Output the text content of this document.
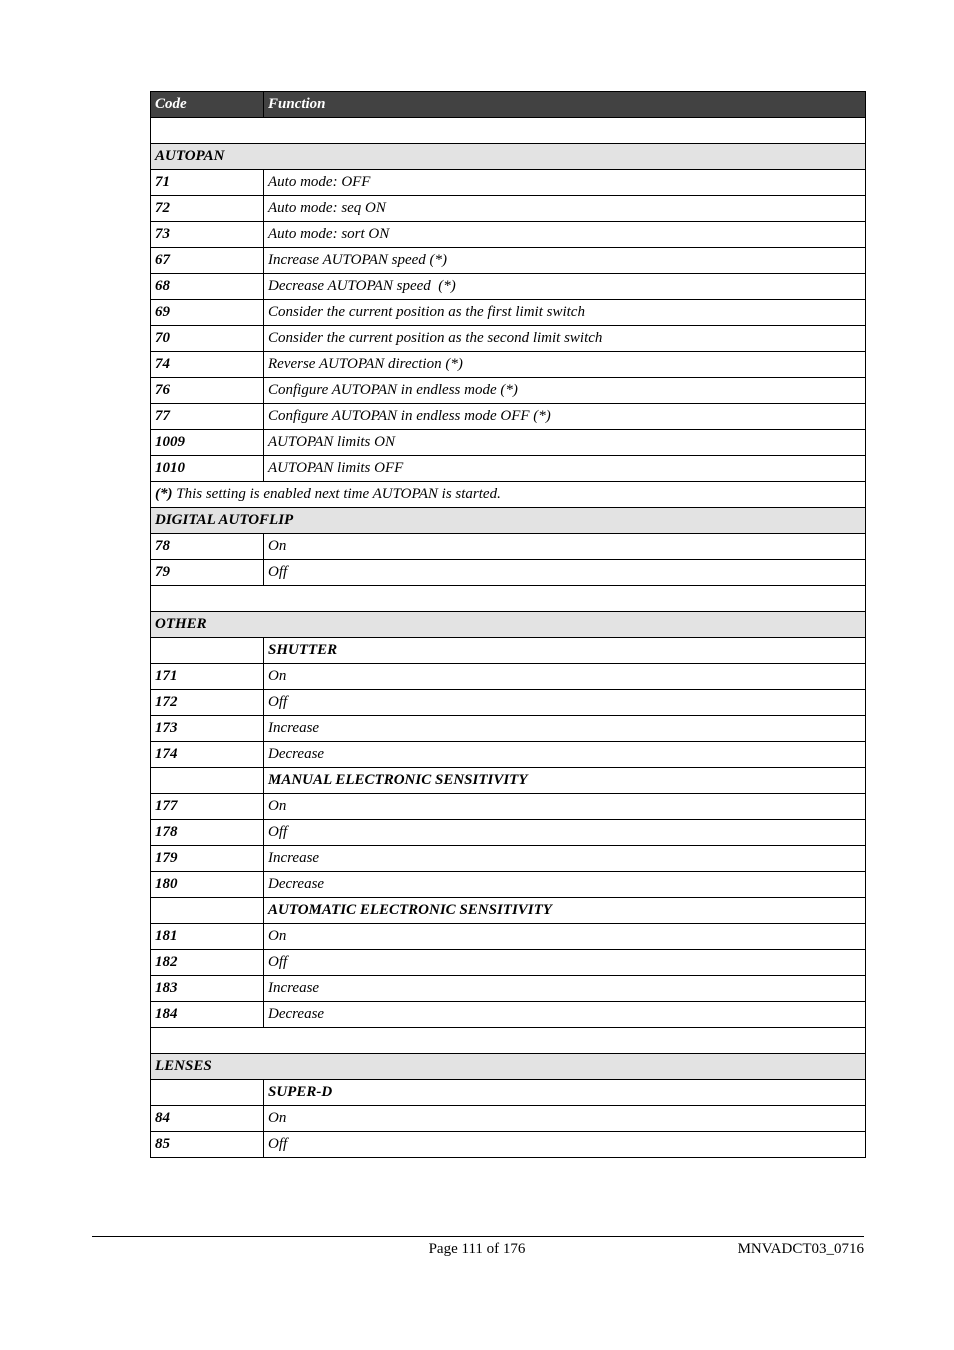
Code	Function

AUTOPAN	
71	Auto mode: OFF
72	Auto mode: seq ON
73	Auto mode: sort ON
67	Increase AUTOPAN speed (*)
68	Decrease AUTOPAN speed  (*)
69	Consider the current position as the first limit switch
70	Consider the current position as the second limit switch
74	Reverse AUTOPAN direction (*)
76	Configure AUTOPAN in endless mode (*)
77	Configure AUTOPAN in endless mode OFF (*)
1009	AUTOPAN limits ON
1010	AUTOPAN limits OFF
(*) This setting is enabled next time AUTOPAN is started.	
DIGITAL AUTOFLIP	
78	On
79	Off

OTHER	
	SHUTTER
171	On
172	Off
173	Increase
174	Decrease
	MANUAL ELECTRONIC SENSITIVITY
177	On
178	Off
179	Increase
180	Decrease
	AUTOMATIC ELECTRONIC SENSITIVITY
181	On
182	Off
183	Increase
184	Decrease

LENSES	
	SUPER-D
84	On
85	Off
Page 111 of 176	MNVADCT03_0716
